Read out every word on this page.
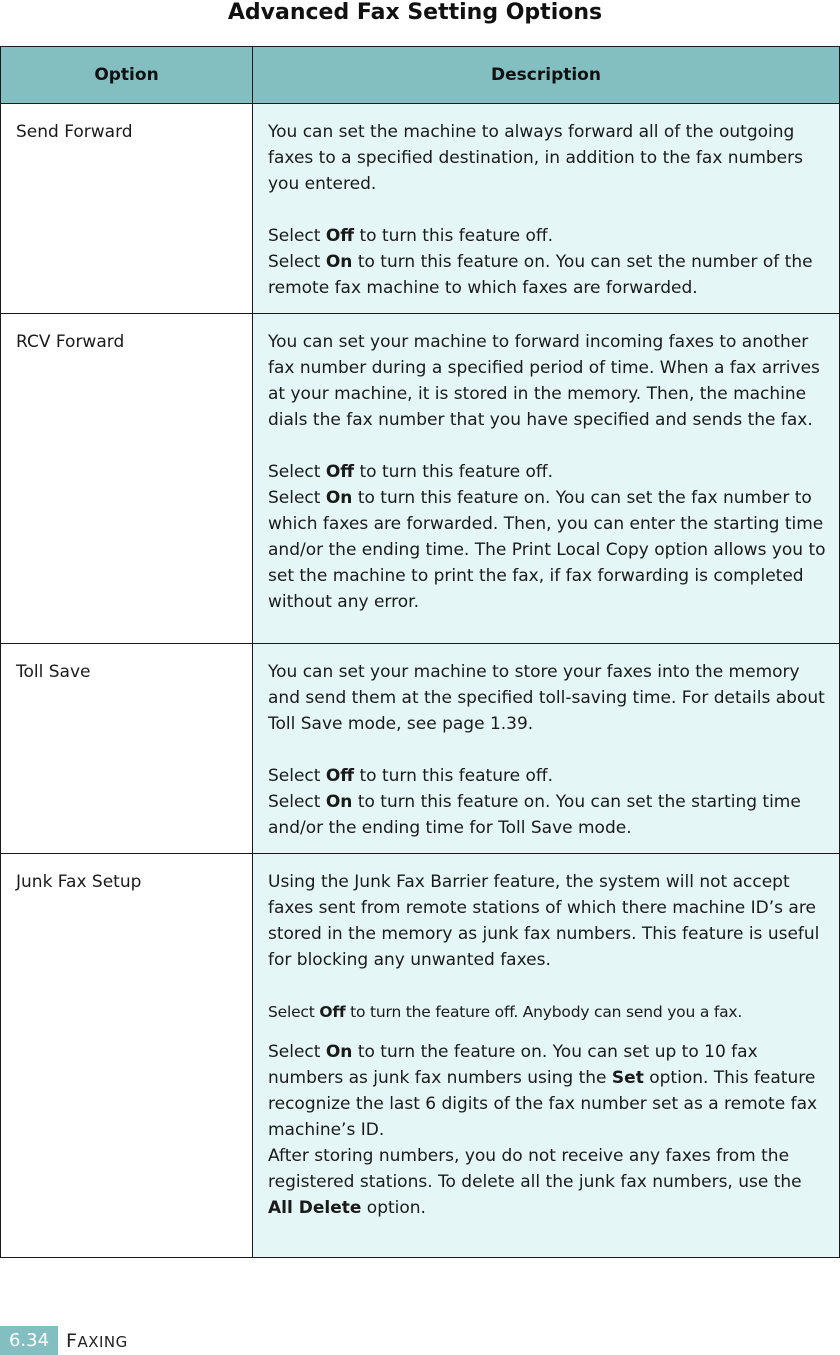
Advanced Fax Setting Options
Option	Description
Send Forward	You can set the machine to always forward all of the outgoing faxes to a specified destination, in addition to the fax numbers you entered.

Select Off to turn this feature off.

Select On to turn this feature on. You can set the number of the remote fax machine to which faxes are forwarded.

RCV Forward	You can set your machine to forward incoming faxes to another fax number during a specified period of time. When a fax arrives at your machine, it is stored in the memory. Then, the machine dials the fax number that you have specified and sends the fax.

Select Off to turn this feature off.

Select On to turn this feature on. You can set the fax number to which faxes are forwarded. Then, you can enter the starting time and/or the ending time. The Print Local Copy option allows you to set the machine to print the fax, if fax forwarding is completed without any error.

Toll Save	You can set your machine to store your faxes into the memory and send them at the specified toll-saving time. For details about Toll Save mode, see page 1.39.

Select Off to turn this feature off.

Select On to turn this feature on. You can set the starting time and/or the ending time for Toll Save mode.

Junk Fax Setup	Using the Junk Fax Barrier feature, the system will not accept faxes sent from remote stations of which there machine ID’s are stored in the memory as junk fax numbers. This feature is useful for blocking any unwanted faxes.

Select Off to turn the feature off. Anybody can send you a fax.

Select On to turn the feature on. You can set up to 10 fax numbers as junk fax numbers using the Set option. This feature recognize the last 6 digits of the fax number set as a remote fax machine’s ID.

After storing numbers, you do not receive any faxes from the registered stations. To delete all the junk fax numbers, use the All Delete option.

6.34 FAXING
